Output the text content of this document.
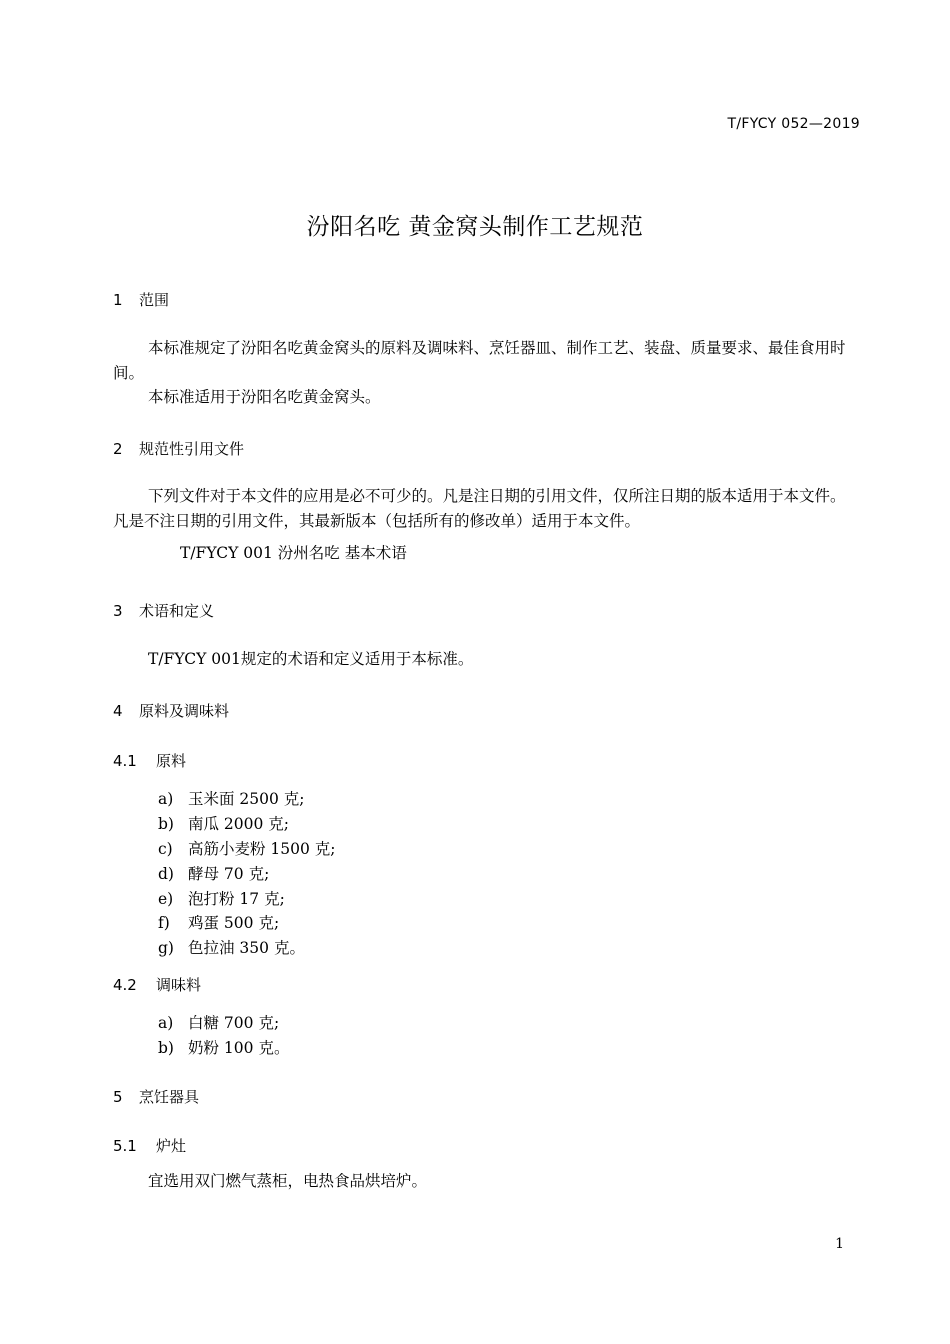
T/FYCY 052—2019
汾阳名吃 黄金窝头制作工艺规范
1 范围
本标准规定了汾阳名吃黄金窝头的原料及调味料、烹饪器皿、制作工艺、装盘、质量要求、最佳食用时间。
本标准适用于汾阳名吃黄金窝头。
2 规范性引用文件
下列文件对于本文件的应用是必不可少的。凡是注日期的引用文件，仅所注日期的版本适用于本文件。凡是不注日期的引用文件，其最新版本（包括所有的修改单）适用于本文件。
T/FYCY 001 汾州名吃 基本术语
3 术语和定义
T/FYCY 001规定的术语和定义适用于本标准。
4 原料及调味料
4.1 原料
a) 玉米面 2500 克;
b) 南瓜 2000 克;
c) 高筋小麦粉 1500 克;
d) 酵母 70 克;
e) 泡打粉 17 克;
f) 鸡蛋 500 克;
g) 色拉油 350 克。
4.2 调味料
a) 白糖 700 克;
b) 奶粉 100 克。
5 烹饪器具
5.1 炉灶
宜选用双门燃气蒸柜，电热食品烘培炉。
1
